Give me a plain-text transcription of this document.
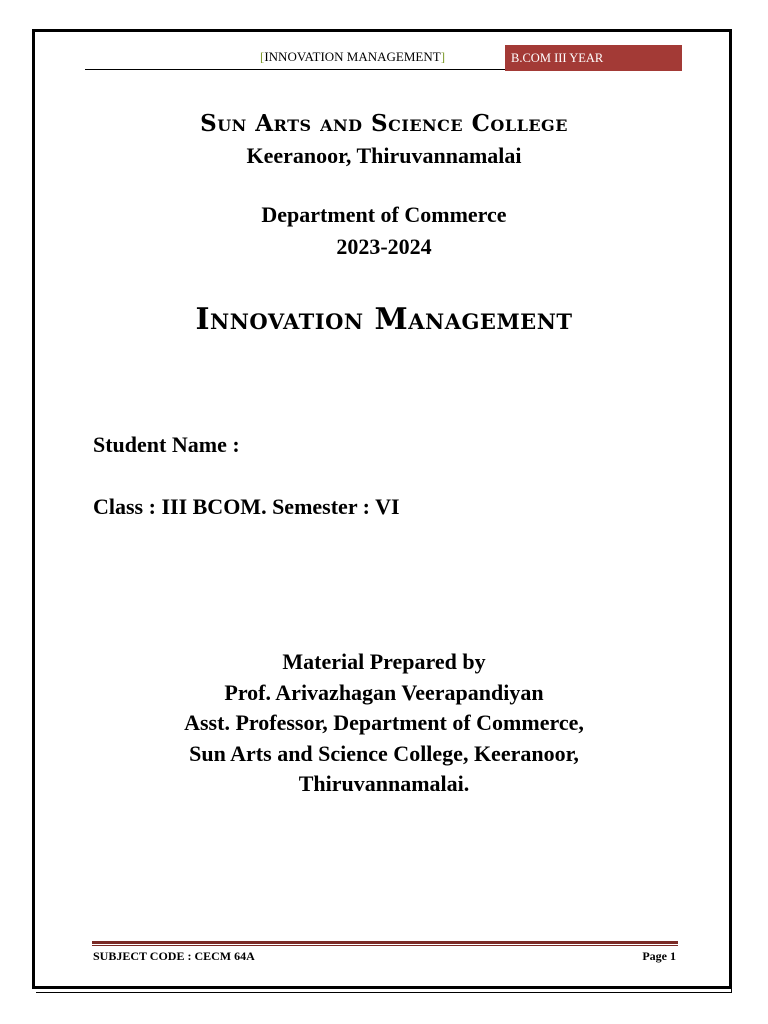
[INNOVATION MANAGEMENT]	B.COM III YEAR
Sun Arts and Science College
Keeranoor, Thiruvannamalai
Department of Commerce
2023-2024
Innovation Management
Student Name :
Class : III BCOM. Semester : VI
Material Prepared by
Prof. Arivazhagan Veerapandiyan
Asst. Professor, Department of Commerce,
Sun Arts and Science College, Keeranoor,
Thiruvannamalai.
SUBJECT CODE : CECM 64A	Page 1
